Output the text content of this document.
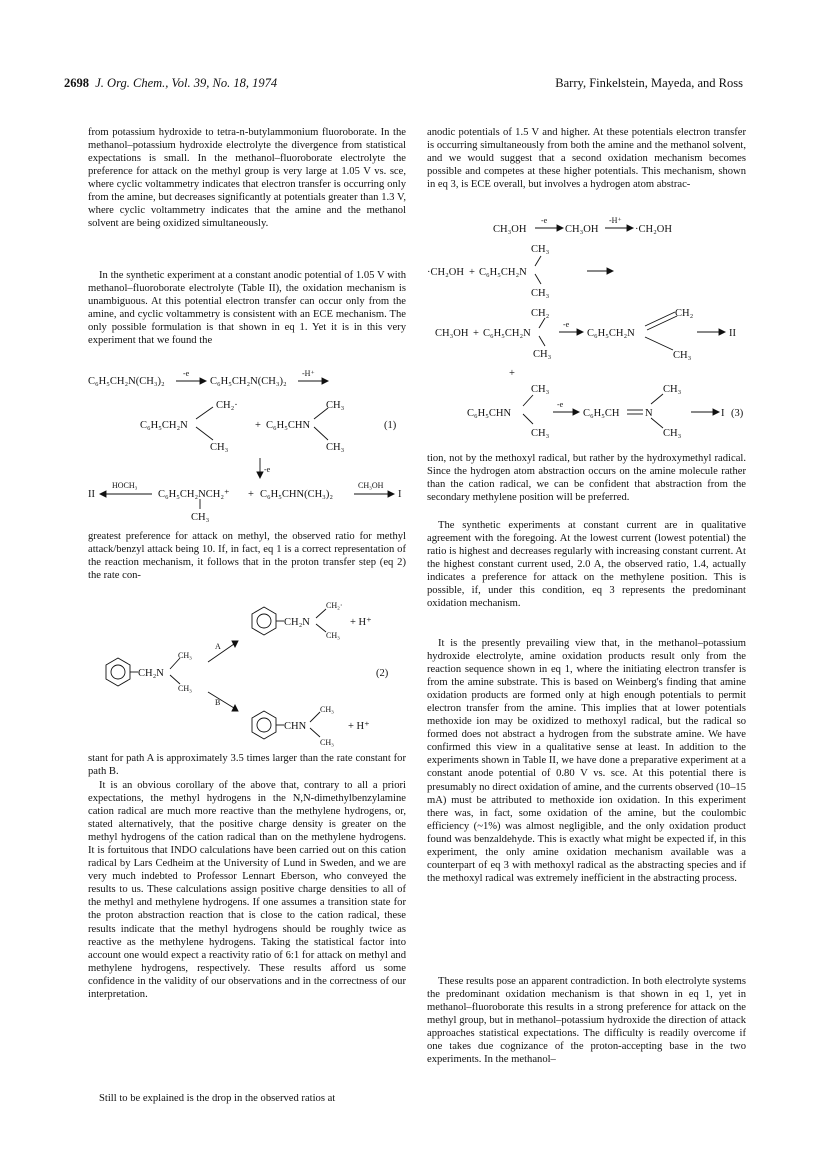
2698 J. Org. Chem., Vol. 39, No. 18, 1974	Barry, Finkelstein, Mayeda, and Ross

from potassium hydroxide to tetra-n-butylammonium fluoroborate. In the methanol–potassium hydroxide electrolyte the divergence from statistical expectations is small. In the methanol–fluoroborate electrolyte the preference for attack on the methyl group is very large at 1.05 V vs. sce, where cyclic voltammetry indicates that electron transfer is occurring only from the amine, but decreases significantly at potentials greater than 1.3 V, where cyclic voltammetry indicates that the amine and the methanol solvent are being oxidized simultaneously.

In the synthetic experiment at a constant anodic potential of 1.05 V with methanol–fluoroborate electrolyte (Table II), the oxidation mechanism is unambiguous. At this potential electron transfer can occur only from the amine, and cyclic voltammetry is consistent with an ECE mechanism. The only possible formulation is that shown in eq 1. Yet it is in this very experiment that we found the

C₆H₅CH₂N(CH₃)₂
-e
C₆H₅CH₂N(CH₃)₂
-H⁺
CH₂·
C₆H₅CH₂N
CH₃
+ C₆H₅CHN
CH₃
CH₃
(1)
-e
II
HOCH₃
C₆H₅CH₂NCH₂⁺
CH₃
+ C₆H₅CHN(CH₃)₂
CH₃OH
I

greatest preference for attack on methyl, the observed ratio for methyl attack/benzyl attack being 10. If, in fact, eq 1 is a correct representation of the reaction mechanism, it follows that in the proton transfer step (eq 2) the rate con-

CH₂N
CH₂·
CH₃
+ H⁺
A
CH₂N
CH₃
CH₃
(2)
B
CHN
CH₃
CH₃
+ H⁺

stant for path A is approximately 3.5 times larger than the rate constant for path B.

It is an obvious corollary of the above that, contrary to all a priori expectations, the methyl hydrogens in the N,N-dimethylbenzylamine cation radical are much more reactive than the methylene hydrogens, or, stated alternatively, that the positive charge density is greater on the methyl hydrogens of the cation radical than on the methylene hydrogens. It is fortuitous that INDO calculations have been carried out on this cation radical by Lars Cedheim at the University of Lund in Sweden, and we are very much indebted to Professor Lennart Eberson, who conveyed the results to us. These calculations assign positive charge densities to all of the methyl and methylene hydrogens. If one assumes a transition state for the proton abstraction reaction that is close to the cation radical, these results indicate that the methyl hydrogens should be roughly twice as reactive as the methylene hydrogens. Taking the statistical factor into account one would expect a reactivity ratio of 6:1 for attack on methyl and methylene hydrogens, respectively. These results afford us some confidence in the validity of our observations and in the correctness of our interpretation.

Still to be explained is the drop in the observed ratios at

anodic potentials of 1.5 V and higher. At these potentials electron transfer is occurring simultaneously from both the amine and the methanol solvent, and we would suggest that a second oxidation mechanism becomes possible and competes at these higher potentials. This mechanism, shown in eq 3, is ECE overall, but involves a hydrogen atom abstrac-

CH₃OH
-e
CH₃OH
-H⁺
·CH₂OH
CH₃
·CH₂OH + C₆H₅CH₂N
CH₃
CH₂
CH₃OH + C₆H₅CH₂N
CH₃
-e
C₆H₅CH₂N
CH₂
CH₃
II
+
CH₃
C₆H₅CHN
CH₃
-e
C₆H₅CH N
CH₃
CH₃
I (3)

tion, not by the methoxyl radical, but rather by the hydroxymethyl radical. Since the hydrogen atom abstraction occurs on the amine molecule rather than the cation radical, we can be confident that abstraction from the secondary methylene position will be preferred.

The synthetic experiments at constant current are in qualitative agreement with the foregoing. At the lowest current (lowest potential) the ratio is highest and decreases regularly with increasing constant current. At the highest constant current used, 2.0 A, the observed ratio, 1.4, actually indicates a preference for attack on the methylene position. This is possible, if, under this condition, eq 3 represents the predominant oxidation mechanism.

It is the presently prevailing view that, in the methanol–potassium hydroxide electrolyte, amine oxidation products result only from the reaction sequence shown in eq 1, where the initiating electron transfer is from the amine substrate. This is based on Weinberg's finding that amine oxidation products are formed only at high enough potentials to permit electron transfer from the amine. This implies that at lower potentials methoxide ion may be oxidized to methoxyl radical, but the radical so formed does not abstract a hydrogen from the substrate amine. We have confirmed this view in a qualitative sense at least. In addition to the experiments shown in Table II, we have done a preparative experiment at a constant anode potential of 0.80 V vs. sce. At this potential there is presumably no direct oxidation of amine, and the currents observed (10–15 mA) must be attributed to methoxide ion oxidation. In this experiment there was, in fact, some oxidation of the amine, but the coulombic efficiency (~1%) was almost negligible, and the only oxidation product found was benzaldehyde. This is exactly what might be expected if, in this experiment, the only amine oxidation mechanism available was a counterpart of eq 3 with methoxyl radical as the abstracting species and if the methoxyl radical was extremely inefficient in the abstracting process.

These results pose an apparent contradiction. In both electrolyte systems the predominant oxidation mechanism is that shown in eq 1, yet in methanol–fluoroborate this results in a strong preference for attack on the methyl group, but in methanol–potassium hydroxide the direction of attack approaches statistical expectations. The difficulty is readily overcome if one takes due cognizance of the proton-accepting base in the two experiments. In the methanol–
